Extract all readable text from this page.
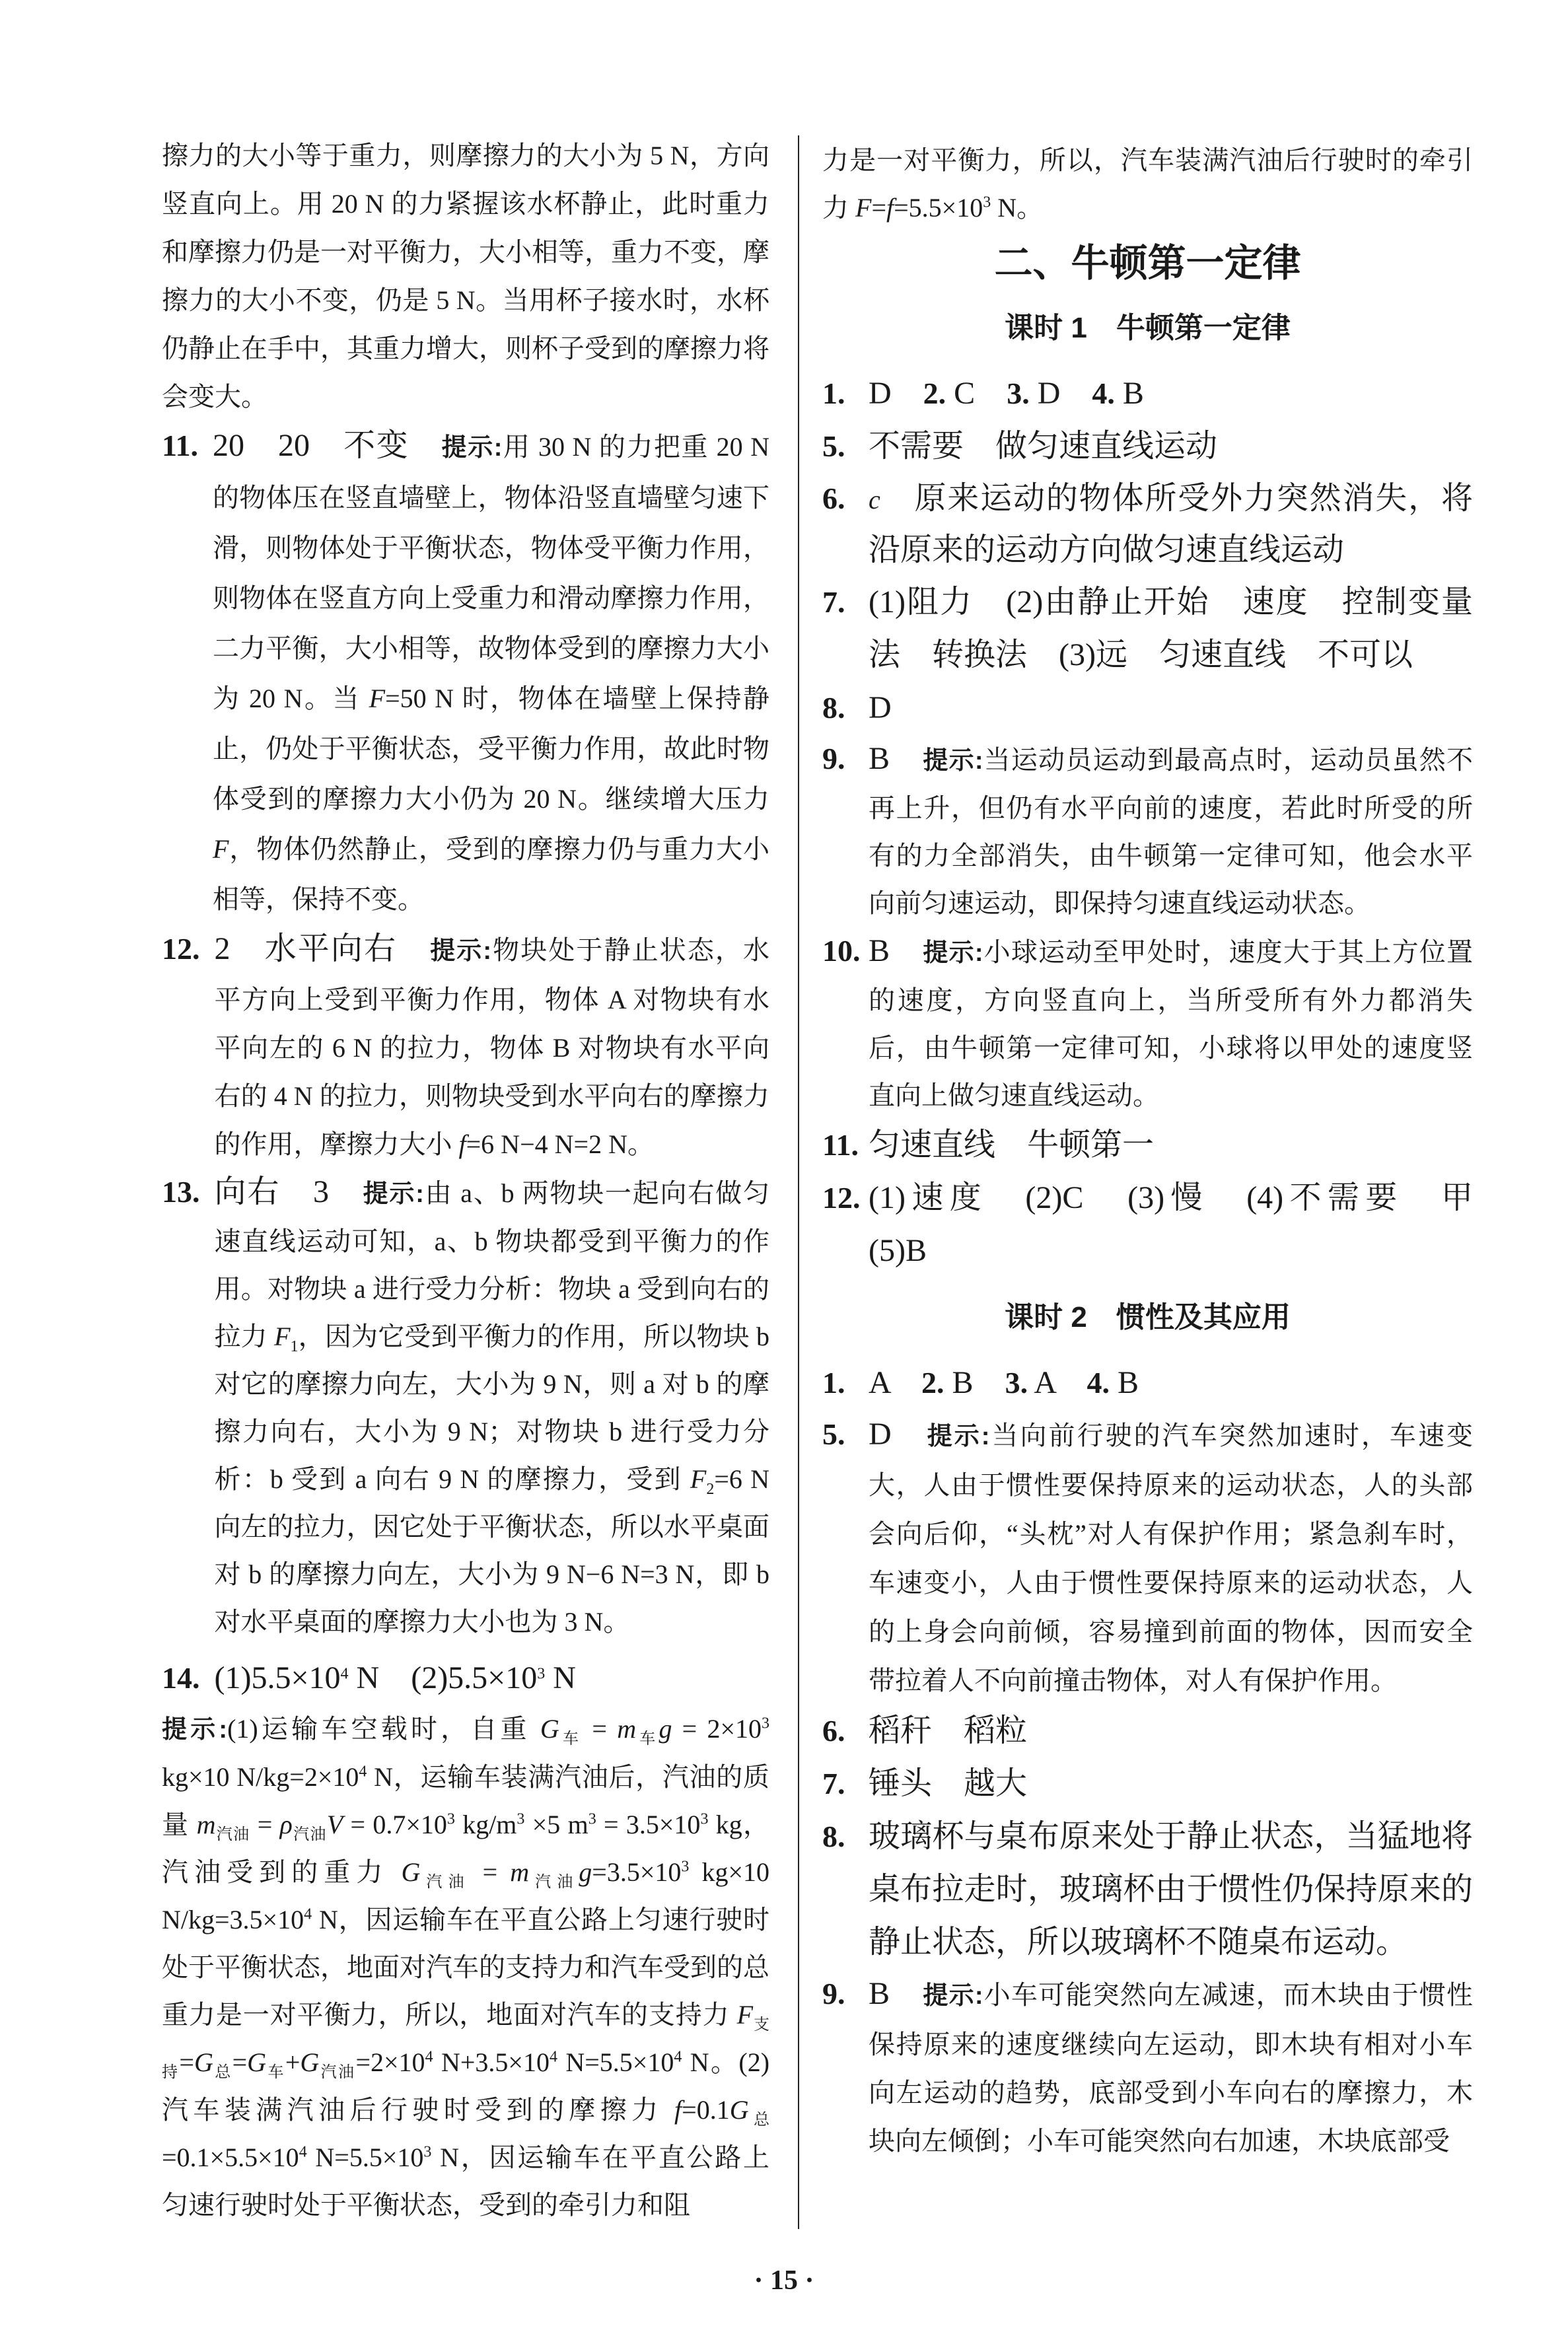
擦力的大小等于重力，则摩擦力的大小为 5 N，方向竖直向上。用 20 N 的力紧握该水杯静止，此时重力和摩擦力仍是一对平衡力，大小相等，重力不变，摩擦力的大小不变，仍是 5 N。当用杯子接水时，水杯仍静止在手中，其重力增大，则杯子受到的摩擦力将会变大。
11. 20　20　不变　提示:用 30 N 的力把重 20 N 的物体压在竖直墙壁上，物体沿竖直墙壁匀速下滑，则物体处于平衡状态，物体受平衡力作用，则物体在竖直方向上受重力和滑动摩擦力作用，二力平衡，大小相等，故物体受到的摩擦力大小为 20 N。当 F=50 N 时，物体在墙壁上保持静止，仍处于平衡状态，受平衡力作用，故此时物体受到的摩擦力大小仍为 20 N。继续增大压力 F，物体仍然静止，受到的摩擦力仍与重力大小相等，保持不变。
12. 2　水平向右　提示:物块处于静止状态，水平方向上受到平衡力作用，物体 A 对物块有水平向左的 6 N 的拉力，物体 B 对物块有水平向右的 4 N 的拉力，则物块受到水平向右的摩擦力的作用，摩擦力大小 f=6 N−4 N=2 N。
13. 向右　3　提示:由 a、b 两物块一起向右做匀速直线运动可知，a、b 物块都受到平衡力的作用。对物块 a 进行受力分析：物块 a 受到向右的拉力 $F_1$，因为它受到平衡力的作用，所以物块 b 对它的摩擦力向左，大小为 9 N，则 a 对 b 的摩擦力向右，大小为 9 N；对物块 b 进行受力分析：b 受到 a 向右 9 N 的摩擦力，受到 $F_2=6$ N 向左的拉力，因它处于平衡状态，所以水平桌面对 b 的摩擦力向左，大小为 9 N−6 N=3 N，即 b 对水平桌面的摩擦力大小也为 3 N。
14. $(1)5.5\times 10^4$ N　$(2)5.5\times 10^3$ N
提示:(1)运输车空载时，自重 $G_车 = m_车g = 2\times 10^3$ kg×10 $N/kg=2\times 10^4$ N，运输车装满汽油后，汽油的质量 $m_{汽油} = \rho_{汽油}V = 0.7\times 10^3$ $kg/m^3 \times 5$ $m^3 = 3.5\times 10^3$ kg，汽油受到的重力 $G_{汽油} = m_{汽油}g=3.5\times 10^3$ kg×10 $N/kg=3.5\times 10^4$ N，因运输车在平直公路上匀速行驶时处于平衡状态，地面对汽车的支持力和汽车受到的总重力是一对平衡力，所以，地面对汽车的支持力 $F_{支持}=G_总=G_车+G_{汽油}=2\times 10^4$ $N+3.5\times 10^4$ $N=5.5\times 10^4$ N。(2)汽车装满汽油后行驶时受到的摩擦力 $f=0.1G_总=0.1\times 5.5\times 10^4$ $N=5.5\times 10^3$ N，因运输车在平直公路上匀速行驶时处于平衡状态，受到的牵引力和阻
力是一对平衡力，所以，汽车装满汽油后行驶时的牵引力 $F=f=5.5\times 10^3$ N。
二、牛顿第一定律
课时 1　牛顿第一定律
1. D　2. C　3. D　4. B
5. 不需要　做匀速直线运动
6. c　原来运动的物体所受外力突然消失，将沿原来的运动方向做匀速直线运动
7. (1)阻力　(2)由静止开始　速度　控制变量法　转换法　(3)远　匀速直线　不可以
8. D
9. B　提示:当运动员运动到最高点时，运动员虽然不再上升，但仍有水平向前的速度，若此时所受的所有的力全部消失，由牛顿第一定律可知，他会水平向前匀速运动，即保持匀速直线运动状态。
10. B　提示:小球运动至甲处时，速度大于其上方位置的速度，方向竖直向上，当所受所有外力都消失后，由牛顿第一定律可知，小球将以甲处的速度竖直向上做匀速直线运动。
11. 匀速直线　牛顿第一
12. (1)速度　(2)C　(3)慢　(4)不需要　甲　(5)B
课时 2　惯性及其应用
1. A　2. B　3. A　4. B
5. D　提示:当向前行驶的汽车突然加速时，车速变大，人由于惯性要保持原来的运动状态，人的头部会向后仰，“头枕”对人有保护作用；紧急刹车时，车速变小，人由于惯性要保持原来的运动状态，人的上身会向前倾，容易撞到前面的物体，因而安全带拉着人不向前撞击物体，对人有保护作用。
6. 稻秆　稻粒
7. 锤头　越大
8. 玻璃杯与桌布原来处于静止状态，当猛地将桌布拉走时，玻璃杯由于惯性仍保持原来的静止状态，所以玻璃杯不随桌布运动。
9. B　提示:小车可能突然向左减速，而木块由于惯性保持原来的速度继续向左运动，即木块有相对小车向左运动的趋势，底部受到小车向右的摩擦力，木块向左倾倒；小车可能突然向右加速，木块底部受
· 15 ·
